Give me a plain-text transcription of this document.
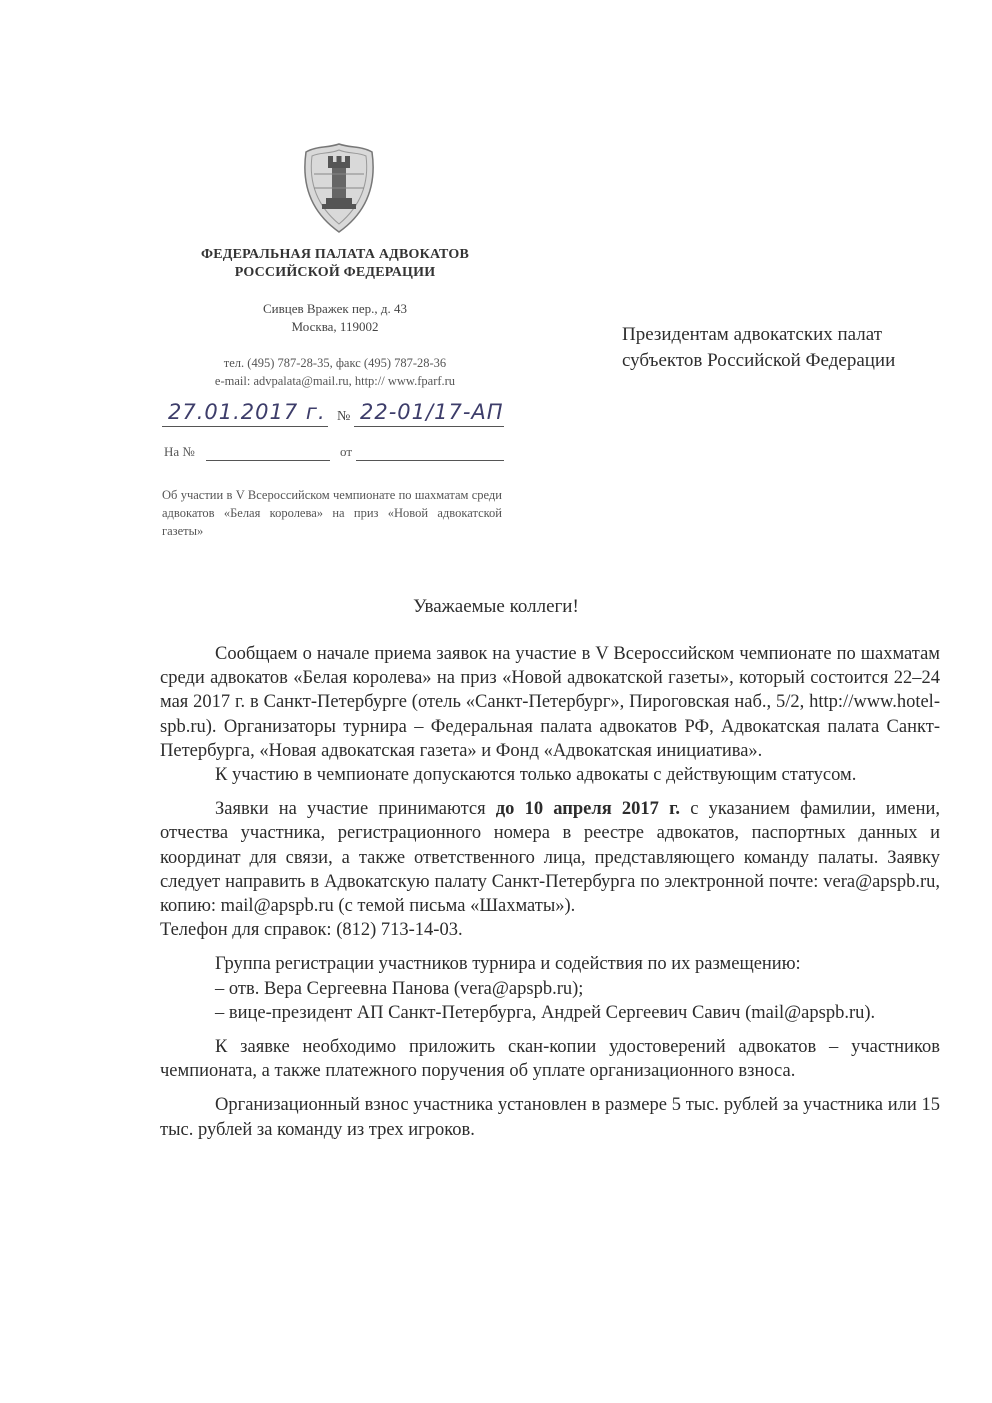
ФЕДЕРАЛЬНАЯ ПАЛАТА АДВОКАТОВ
РОССИЙСКОЙ ФЕДЕРАЦИИ
Сивцев Вражек пер., д. 43
Москва, 119002
тел. (495) 787-28-35, факс (495) 787-28-36
e-mail: advpalata@mail.ru, http:// www.fparf.ru
27.01.2017 г. № 22-01/17-АП
На №	от
Об участии в V Всероссийском чемпионате по шахматам среди адвокатов «Белая королева» на приз «Новой адвокатской газеты»
Президентам адвокатских палат
субъектов Российской Федерации
Уважаемые коллеги!

Сообщаем о начале приема заявок на участие в V Всероссийском чемпионате по шахматам среди адвокатов «Белая королева» на приз «Новой адвокатской газеты», который состоится 22–24 мая 2017 г. в Санкт-Петербурге (отель «Санкт-Петербург», Пироговская наб., 5/2, http://www.hotel-spb.ru). Организаторы турнира – Федеральная палата адвокатов РФ, Адвокатская палата Санкт-Петербурга, «Новая адвокатская газета» и Фонд «Адвокатская инициатива».

К участию в чемпионате допускаются только адвокаты с действующим статусом.

Заявки на участие принимаются до 10 апреля 2017 г. с указанием фамилии, имени, отчества участника, регистрационного номера в реестре адвокатов, паспортных данных и координат для связи, а также ответственного лица, представляющего команду палаты. Заявку следует направить в Адвокатскую палату Санкт-Петербурга по электронной почте: vera@apspb.ru, копию: mail@apspb.ru (с темой письма «Шахматы»).

Телефон для справок: (812) 713-14-03.

Группа регистрации участников турнира и содействия по их размещению:

– отв. Вера Сергеевна Панова (vera@apspb.ru);

– вице-президент АП Санкт-Петербурга, Андрей Сергеевич Савич (mail@apspb.ru).

К заявке необходимо приложить скан-копии удостоверений адвокатов – участников чемпионата, а также платежного поручения об уплате организационного взноса.

Организационный взнос участника установлен в размере 5 тыс. рублей за участника или 15 тыс. рублей за команду из трех игроков.
